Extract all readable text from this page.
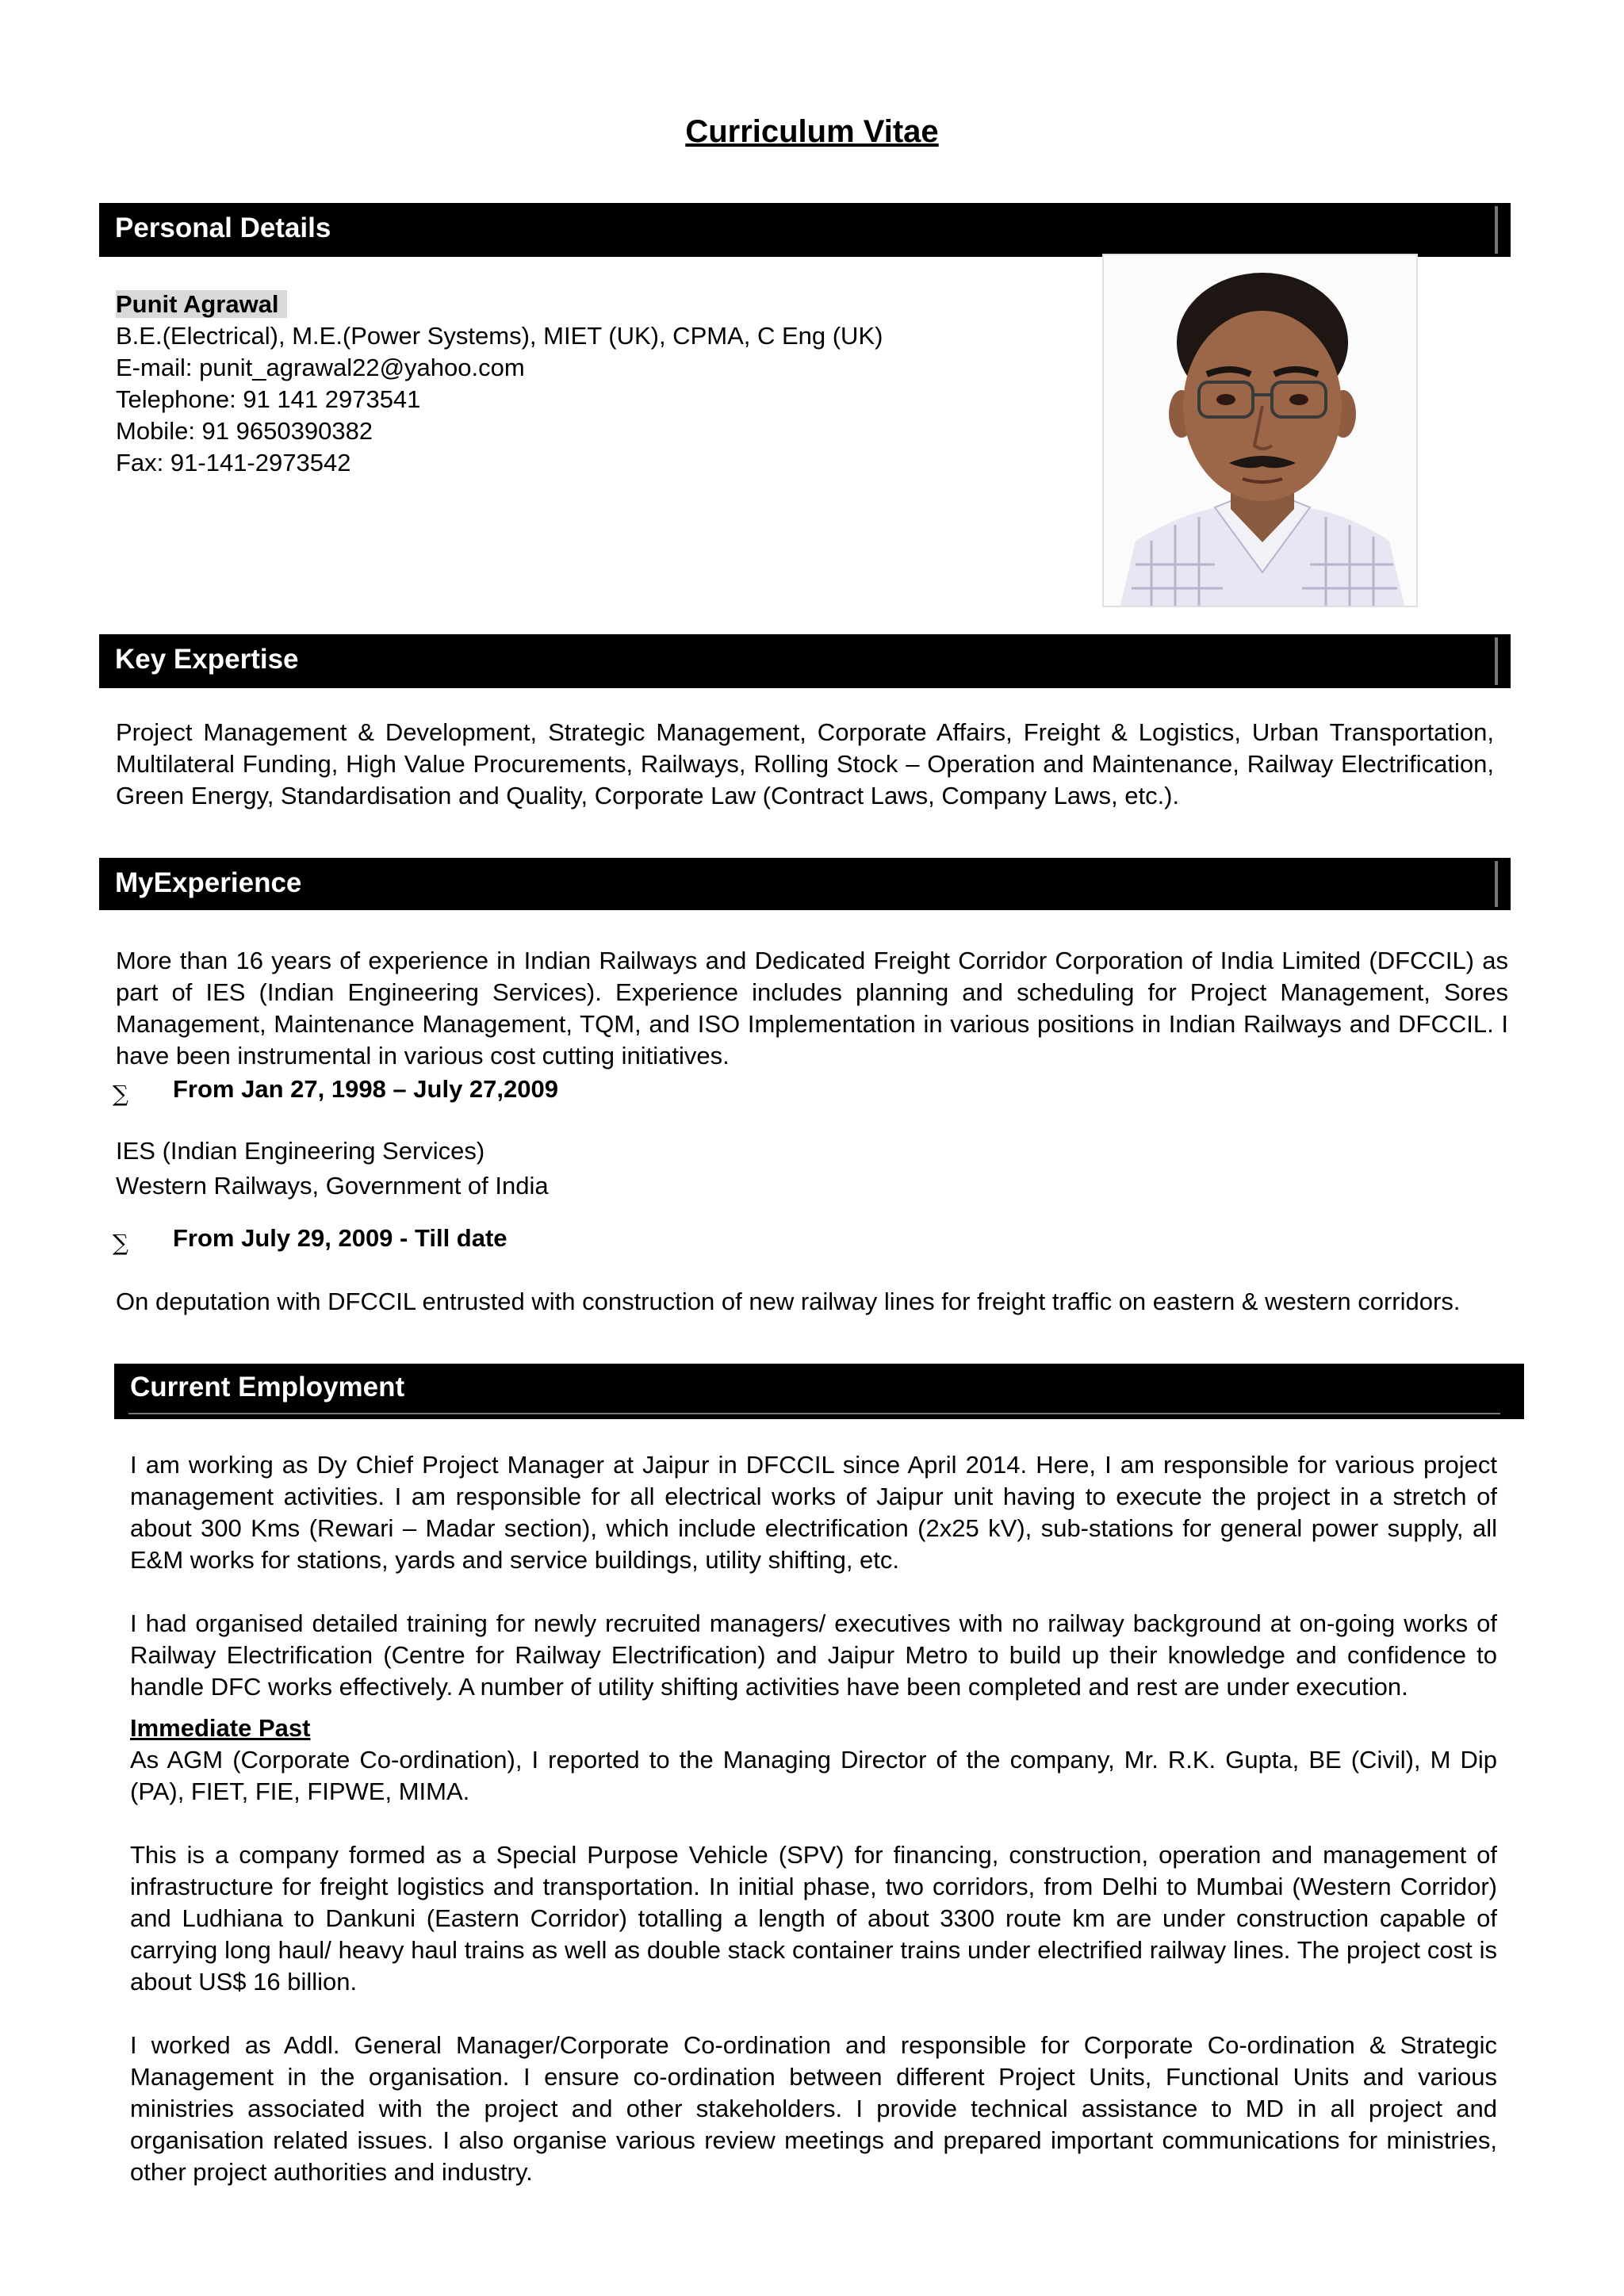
Curriculum Vitae
Personal Details

Punit Agrawal

B.E.(Electrical), M.E.(Power Systems), MIET (UK), CPMA, C Eng (UK)

E-mail: punit_agrawal22@yahoo.com

Telephone: 91 141 2973541

Mobile: 91 9650390382

Fax: 91-141-2973542

Key Expertise
Project Management & Development, Strategic Management, Corporate Affairs, Freight & Logistics, Urban Transportation, Multilateral Funding, High Value Procurements, Railways, Rolling Stock – Operation and Maintenance, Railway Electrification, Green Energy, Standardisation and Quality, Corporate Law (Contract Laws, Company Laws, etc.).
MyExperience
More than 16 years of experience in Indian Railways and Dedicated Freight Corridor Corporation of India Limited (DFCCIL) as part of IES (Indian Engineering Services). Experience includes planning and scheduling for Project Management, Sores Management, Maintenance Management, TQM, and ISO Implementation in various positions in Indian Railways and DFCCIL. I have been instrumental in various cost cutting initiatives.
∑ From Jan 27, 1998 – July 27,2009

IES (Indian Engineering Services)

Western Railways, Government of India

∑ From July 29, 2009 - Till date
On deputation with DFCCIL entrusted with construction of new railway lines for freight traffic on eastern & western corridors.
Current Employment

I am working as Dy Chief Project Manager at Jaipur in DFCCIL since April 2014. Here, I am responsible for various project management activities. I am responsible for all electrical works of Jaipur unit having to execute the project in a stretch of about 300 Kms (Rewari – Madar section), which include electrification (2x25 kV), sub-stations for general power supply, all E&M works for stations, yards and service buildings, utility shifting, etc.

I had organised detailed training for newly recruited managers/ executives with no railway background at on-going works of Railway Electrification (Centre for Railway Electrification) and Jaipur Metro to build up their knowledge and confidence to handle DFC works effectively. A number of utility shifting activities have been completed and rest are under execution.

Immediate Past

As AGM (Corporate Co-ordination), I reported to the Managing Director of the company, Mr. R.K. Gupta, BE (Civil), M Dip (PA), FIET, FIE, FIPWE, MIMA.

This is a company formed as a Special Purpose Vehicle (SPV) for financing, construction, operation and management of infrastructure for freight logistics and transportation. In initial phase, two corridors, from Delhi to Mumbai (Western Corridor) and Ludhiana to Dankuni (Eastern Corridor) totalling a length of about 3300 route km are under construction capable of carrying long haul/ heavy haul trains as well as double stack container trains under electrified railway lines. The project cost is about US$ 16 billion.

I worked as Addl. General Manager/Corporate Co-ordination and responsible for Corporate Co-ordination & Strategic Management in the organisation. I ensure co-ordination between different Project Units, Functional Units and various ministries associated with the project and other stakeholders. I provide technical assistance to MD in all project and organisation related issues. I also organise various review meetings and prepared important communications for ministries, other project authorities and industry.
